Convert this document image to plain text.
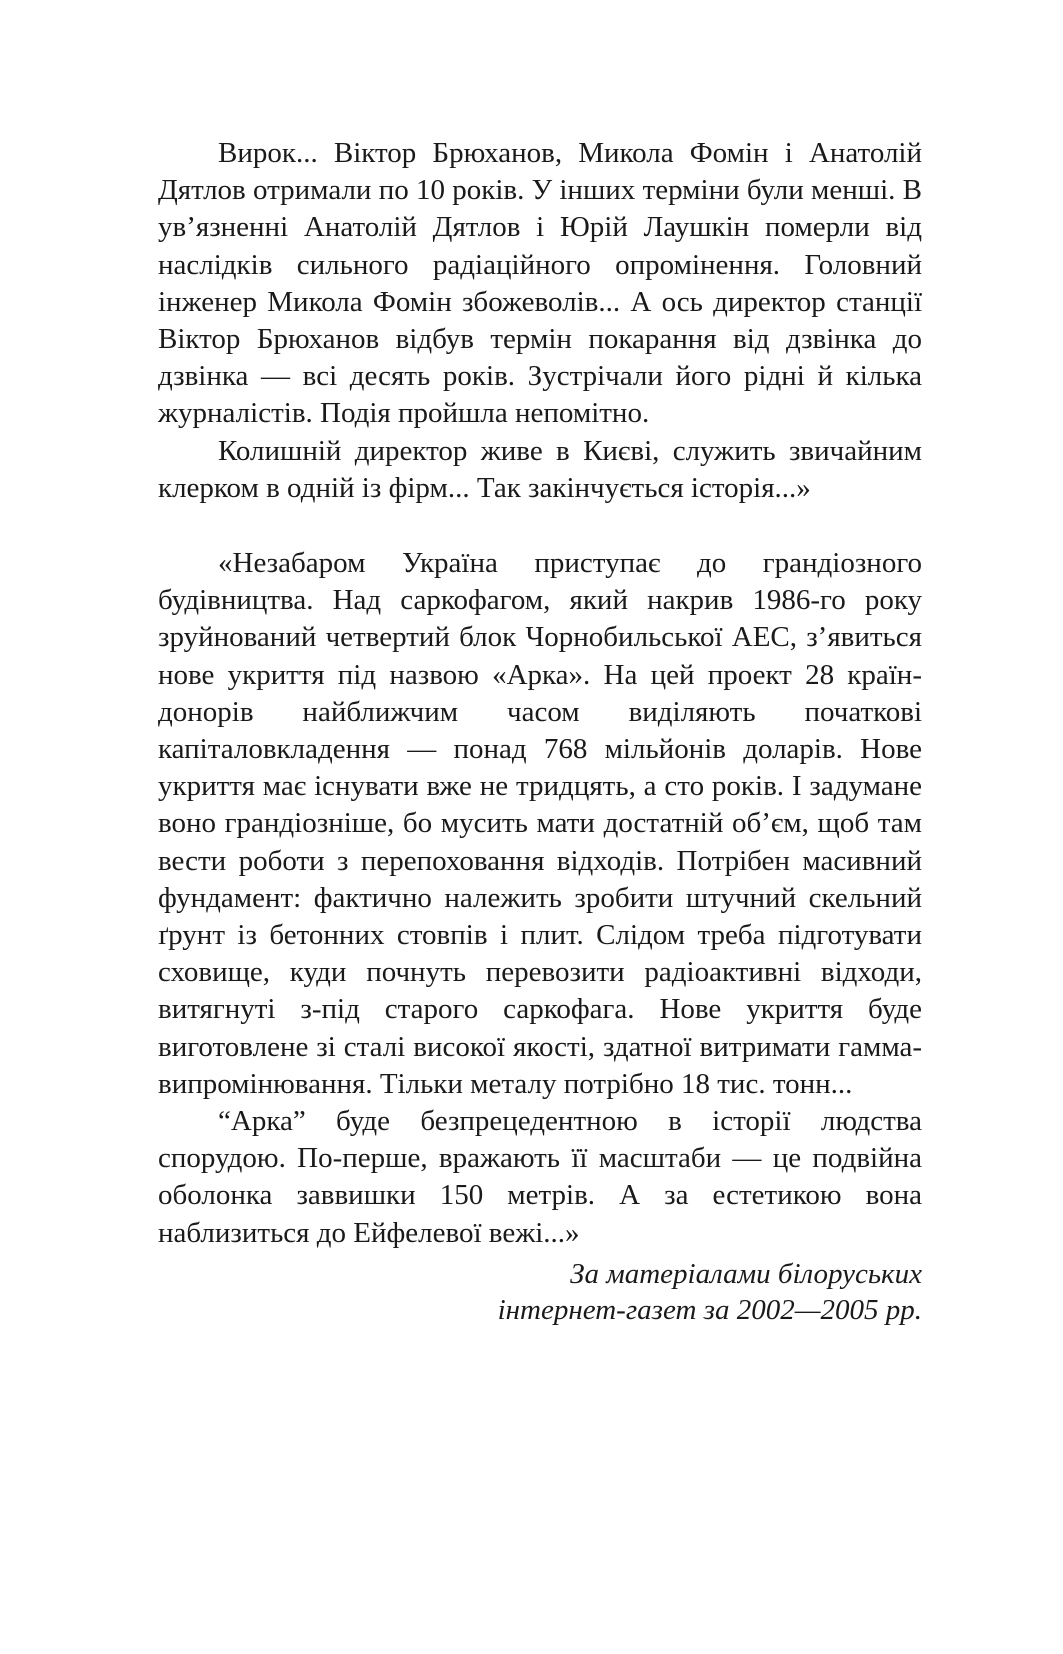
Вирок... Віктор Брюханов, Микола Фомін і Анатолій Дятлов отримали по 10 років. У інших терміни були менші. В ув’язненні Анатолій Дятлов і Юрій Лаушкін померли від наслідків сильного радіаційного опромінення. Головний інженер Микола Фомін збожеволів... А ось директор станції Віктор Брюханов відбув термін покарання від дзвінка до дзвінка — всі десять років. Зустрічали його рідні й кілька журналістів. Подія пройшла непомітно.

Колишній директор живе в Києві, служить звичайним клерком в одній із фірм... Так закінчується історія...»

«Незабаром Україна приступає до грандіозного будівництва. Над саркофагом, який накрив 1986-го року зруйнований четвертий блок Чорнобильської АЕС, з’явиться нове укриття під назвою «Арка». На цей проект 28 країн-донорів найближчим часом виділяють початкові капіталовкладення — понад 768 мільйонів доларів. Нове укриття має існувати вже не тридцять, а сто років. І задумане воно грандіозніше, бо мусить мати достатній об’єм, щоб там вести роботи з перепоховання відходів. Потрібен масивний фундамент: фактично належить зробити штучний скельний ґрунт із бетонних стовпів і плит. Слідом треба підготувати сховище, куди почнуть перевозити радіоактивні відходи, витягнуті з-під старого саркофага. Нове укриття буде виготовлене зі сталі високої якості, здатної витримати гамма-випромінювання. Тільки металу потрібно 18 тис. тонн...

“Арка” буде безпрецедентною в історії людства спорудою. По-перше, вражають її масштаби — це подвійна оболонка заввишки 150 метрів. А за естетикою вона наблизиться до Ейфелевої вежі...»

За матеріалами білоруських
інтернет-газет за 2002—2005 рр.
